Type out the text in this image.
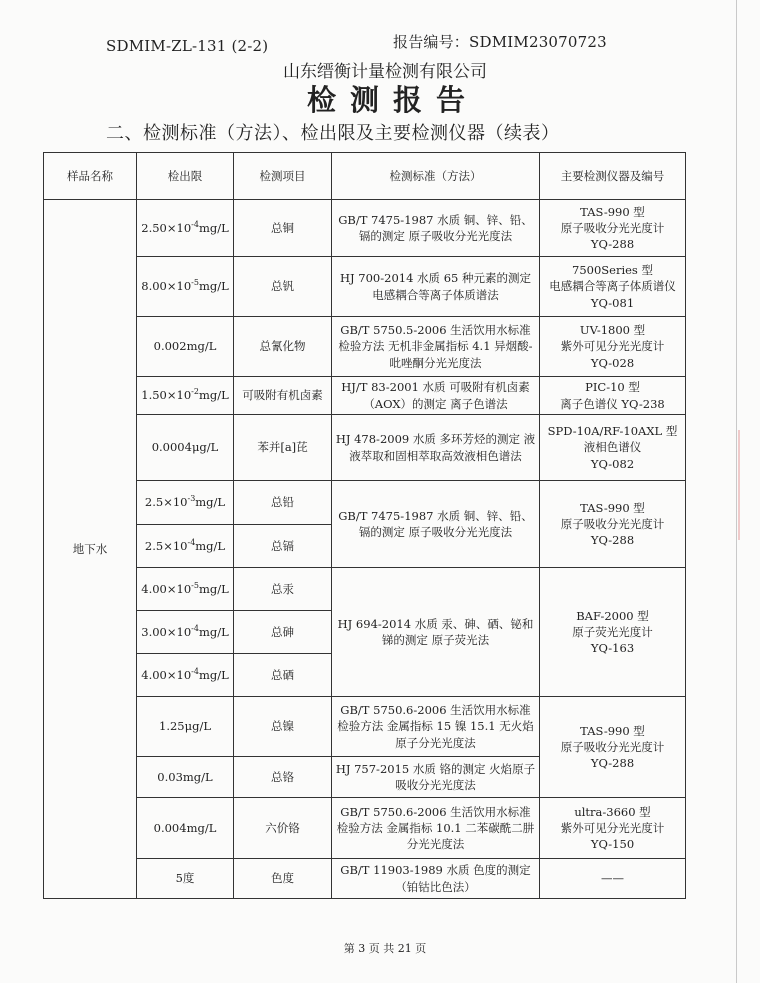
SDMIM-ZL-131 (2-2)	报告编号：SDMIM23070723
山东缙衡计量检测有限公司
检测报告
二、检测标准（方法）、检出限及主要检测仪器（续表）
样品名称	检出限	检测项目	检测标准（方法）	主要检测仪器及编号
地下水	$2.50\times 10^{-4}mg/L$	总铜	GB/T 7475-1987 水质 铜、锌、铅、镉的测定 原子吸收分光光度法	TAS-990 型
原子吸收分光光度计
YQ-288

	$8.00\times 10^{-5}mg/L$	总钒	HJ 700-2014 水质 65 种元素的测定 电感耦合等离子体质谱法	7500Series 型
电感耦合等离子体质谱仪 YQ-081

	0.002mg/L	总氰化物	GB/T 5750.5-2006 生活饮用水标准检验方法 无机非金属指标 4.1 异烟酸-吡唑酮分光光度法	UV-1800 型
紫外可见分光光度计
YQ-028

	$1.50\times 10^{-2}mg/L$	可吸附有机卤素	HJ/T 83-2001 水质 可吸附有机卤素（AOX）的测定 离子色谱法	PIC-10 型
离子色谱仪 YQ-238

	0.0004μg/L	苯并[a]芘	HJ 478-2009 水质 多环芳烃的测定 液液萃取和固相萃取高效液相色谱法	SPD-10A/RF-10AXL 型
液相色谱仪
YQ-082

	$2.5\times 10^{-3}mg/L$	总铅	GB/T 7475-1987 水质 铜、锌、铅、镉的测定 原子吸收分光光度法	TAS-990 型
原子吸收分光光度计
YQ-288

	$2.5\times 10^{-4}mg/L$	总镉		
	$4.00\times 10^{-5}mg/L$	总汞	HJ 694-2014 水质 汞、砷、硒、铋和锑的测定 原子荧光法	BAF-2000 型
原子荧光光度计
YQ-163

	$3.00\times 10^{-4}mg/L$	总砷		
	$4.00\times 10^{-4}mg/L$	总硒		
	1.25μg/L	总镍	GB/T 5750.6-2006 生活饮用水标准检验方法 金属指标 15 镍 15.1 无火焰原子分光光度法	TAS-990 型
原子吸收分光光度计
YQ-288

	0.03mg/L	总铬	HJ 757-2015 水质 铬的测定 火焰原子吸收分光光度法	
	0.004mg/L	六价铬	GB/T 5750.6-2006 生活饮用水标准检验方法 金属指标 10.1 二苯碳酰二肼分光光度法	ultra-3660 型
紫外可见分光光度计
YQ-150

	5度	色度	GB/T 11903-1989 水质 色度的测定（铂钴比色法）	——
第 3 页 共 21 页
